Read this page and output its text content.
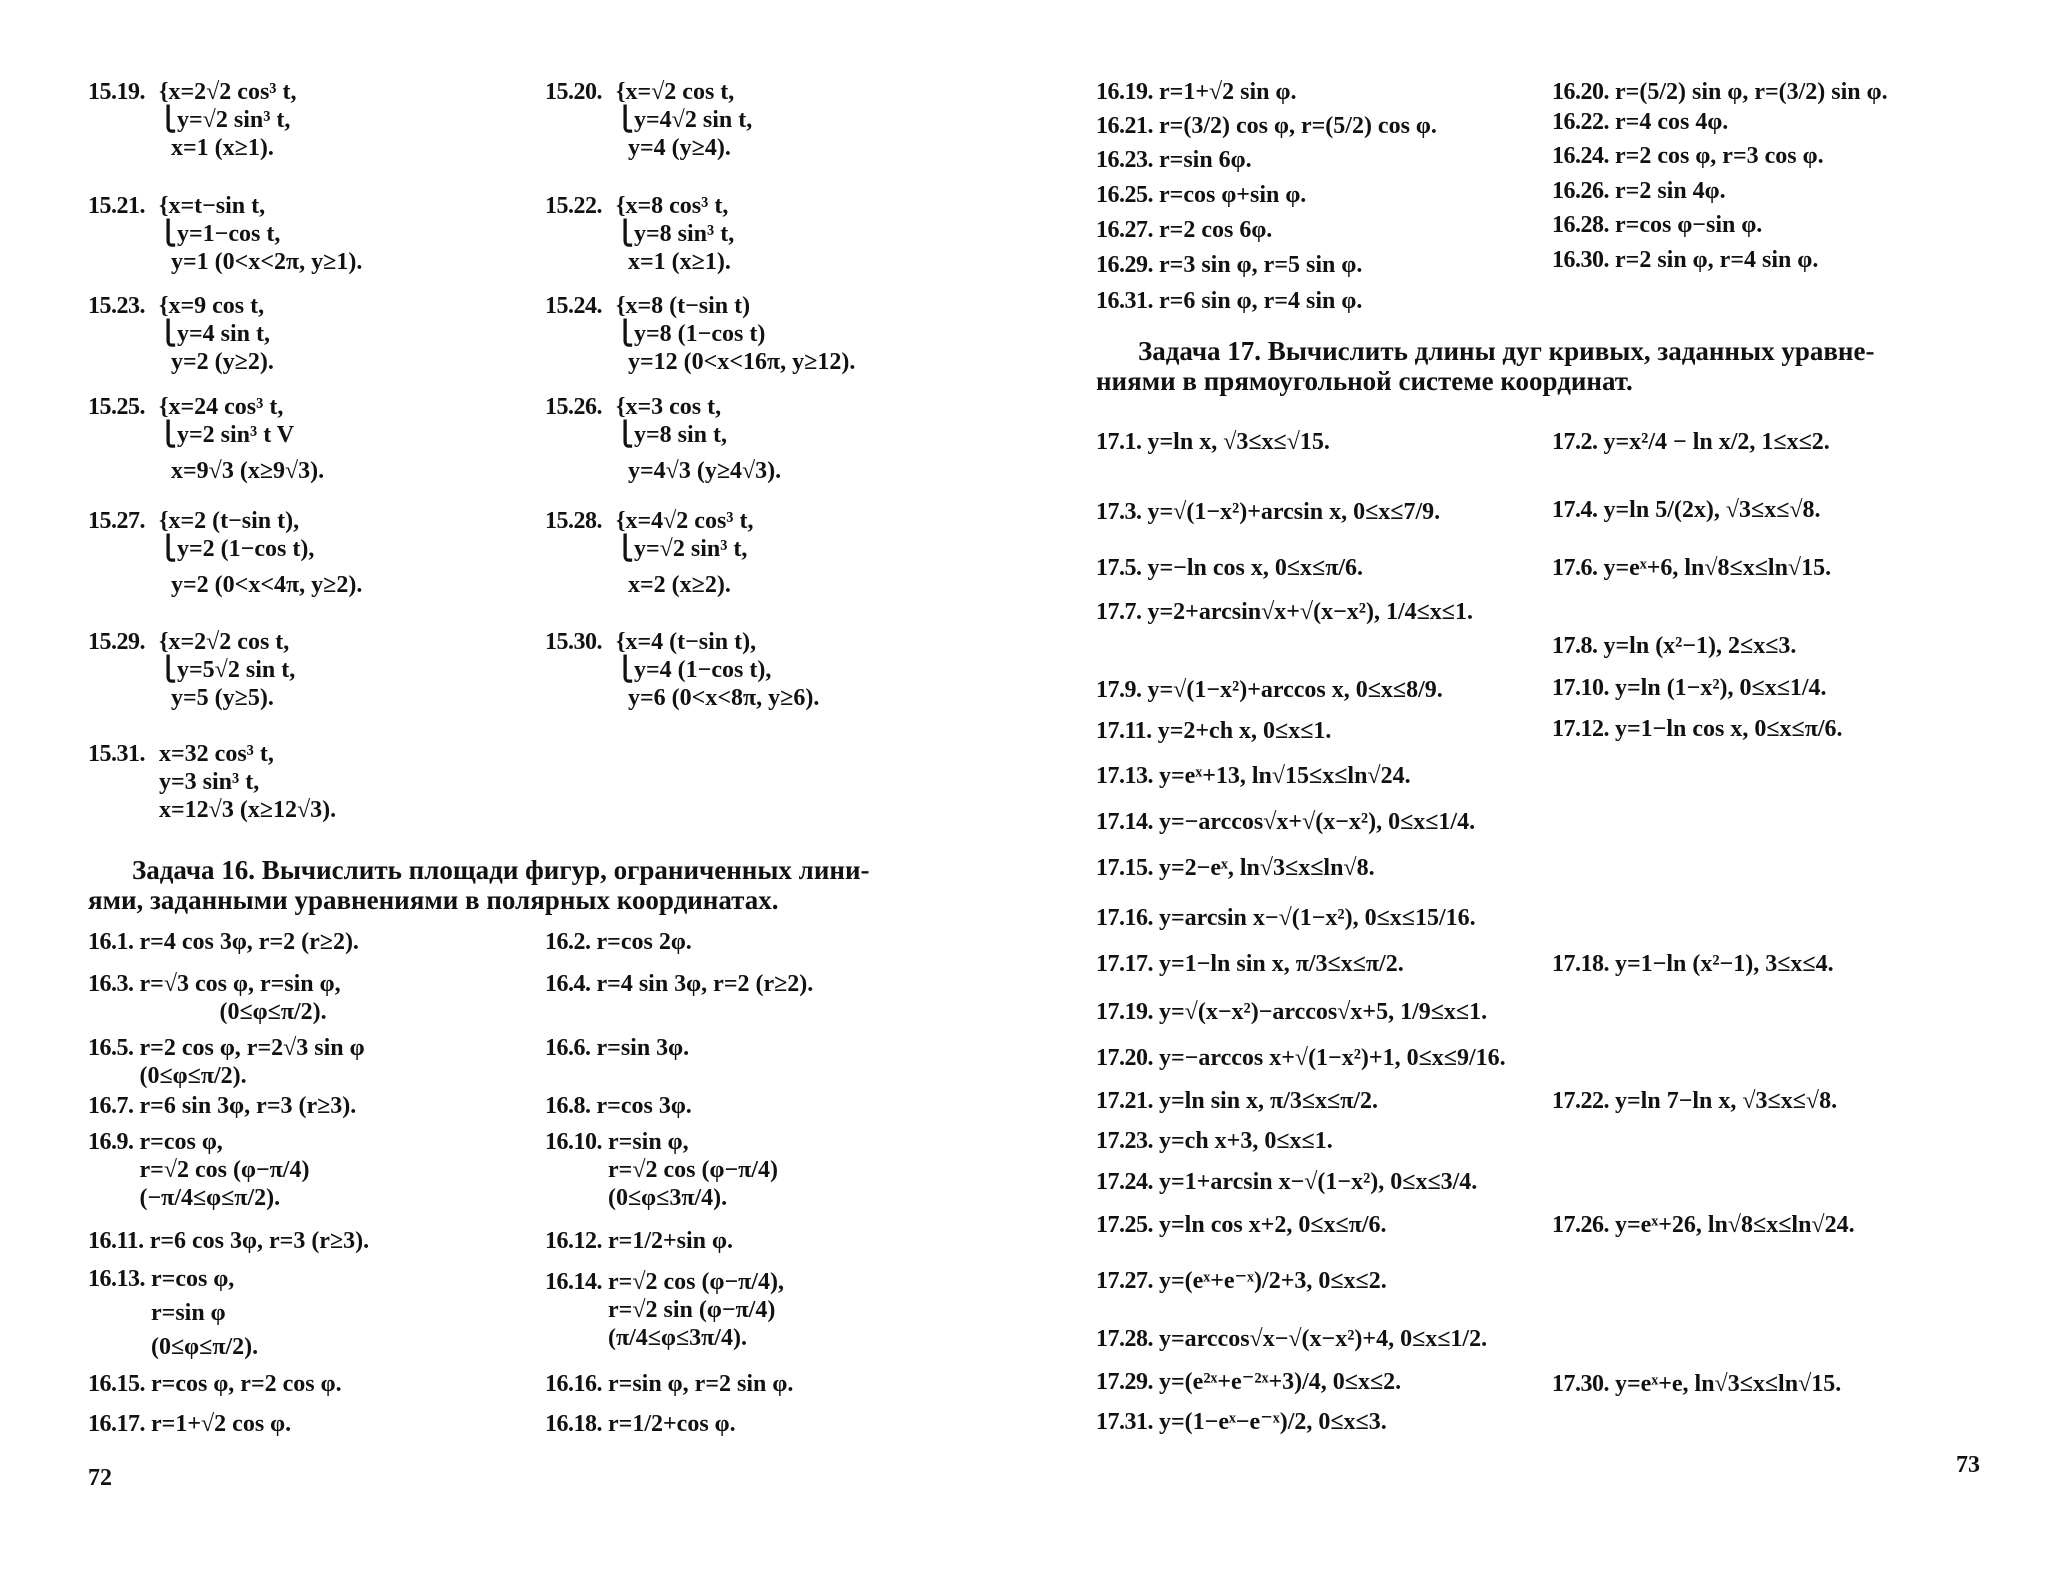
15.19. {x=2√2 cos³ t,
⎩y=√2 sin³ t,
x=1 (x≥1).
15.20. {x=√2 cos t,
⎩y=4√2 sin t,
y=4 (y≥4).
15.21. {x=t−sin t,
⎩y=1−cos t,
y=1 (0<x<2π, y≥1).
15.22. {x=8 cos³ t,
⎩y=8 sin³ t,
x=1 (x≥1).
15.23. {x=9 cos t,
⎩y=4 sin t,
y=2 (y≥2).
15.24. {x=8 (t−sin t)
⎩y=8 (1−cos t)
y=12 (0<x<16π, y≥12).
15.25. {x=24 cos³ t,
⎩y=2 sin³ t V
x=9√3 (x≥9√3).
15.26. {x=3 cos t,
⎩y=8 sin t,
y=4√3 (y≥4√3).
15.27. {x=2 (t−sin t),
⎩y=2 (1−cos t),
y=2 (0<x<4π, y≥2).
15.28. {x=4√2 cos³ t,
⎩y=√2 sin³ t,
x=2 (x≥2).
15.29. {x=2√2 cos t,
⎩y=5√2 sin t,
y=5 (y≥5).
15.30. {x=4 (t−sin t),
⎩y=4 (1−cos t),
y=6 (0<x<8π, y≥6).
15.31. x=32 cos³ t,
y=3 sin³ t,
x=12√3 (x≥12√3).
Задача 16. Вычислить площади фигур, ограниченных лини-
ями, заданными уравнениями в полярных координатах.
16.1. r=4 cos 3φ, r=2 (r≥2).	16.2. r=cos 2φ.
16.3. r=√3 cos φ, r=sin φ,
(0≤φ≤π/2).
16.4. r=4 sin 3φ, r=2 (r≥2).
16.5. r=2 cos φ, r=2√3 sin φ
(0≤φ≤π/2).
16.6. r=sin 3φ.
16.7. r=6 sin 3φ, r=3 (r≥3).	16.8. r=cos 3φ.
16.9. r=cos φ,
r=√2 cos (φ−π/4)
(−π/4≤φ≤π/2).
16.10. r=sin φ,
r=√2 cos (φ−π/4)
(0≤φ≤3π/4).
16.11. r=6 cos 3φ, r=3 (r≥3).	16.12. r=1/2+sin φ.
16.13. r=cos φ,
r=sin φ
(0≤φ≤π/2).
16.14. r=√2 cos (φ−π/4),
r=√2 sin (φ−π/4)
(π/4≤φ≤3π/4).
16.15. r=cos φ, r=2 cos φ.	16.16. r=sin φ, r=2 sin φ.
16.17. r=1+√2 cos φ.	16.18. r=1/2+cos φ.
72
16.19. r=1+√2 sin φ.	16.20. r=(5/2) sin φ, r=(3/2) sin φ.
16.21. r=(3/2) cos φ, r=(5/2) cos φ.	16.22. r=4 cos 4φ.
16.23. r=sin 6φ.	16.24. r=2 cos φ, r=3 cos φ.
16.25. r=cos φ+sin φ.	16.26. r=2 sin 4φ.
16.27. r=2 cos 6φ.	16.28. r=cos φ−sin φ.
16.29. r=3 sin φ, r=5 sin φ.	16.30. r=2 sin φ, r=4 sin φ.
16.31. r=6 sin φ, r=4 sin φ.
Задача 17. Вычислить длины дуг кривых, заданных уравне-
ниями в прямоугольной системе координат.
17.1. y=ln x, √3≤x≤√15.	17.2. y=x²/4 − ln x/2, 1≤x≤2.
17.3. y=√(1−x²)+arcsin x, 0≤x≤7/9.	17.4. y=ln 5/(2x), √3≤x≤√8.
17.5. y=−ln cos x, 0≤x≤π/6.	17.6. y=eˣ+6, ln√8≤x≤ln√15.
17.7. y=2+arcsin√x+√(x−x²), 1/4≤x≤1.
17.8. y=ln (x²−1), 2≤x≤3.
17.9. y=√(1−x²)+arccos x, 0≤x≤8/9.	17.10. y=ln (1−x²), 0≤x≤1/4.
17.11. y=2+ch x, 0≤x≤1.	17.12. y=1−ln cos x, 0≤x≤π/6.
17.13. y=eˣ+13, ln√15≤x≤ln√24.
17.14. y=−arccos√x+√(x−x²), 0≤x≤1/4.
17.15. y=2−eˣ, ln√3≤x≤ln√8.
17.16. y=arcsin x−√(1−x²), 0≤x≤15/16.
17.17. y=1−ln sin x, π/3≤x≤π/2.	17.18. y=1−ln (x²−1), 3≤x≤4.
17.19. y=√(x−x²)−arccos√x+5, 1/9≤x≤1.
17.20. y=−arccos x+√(1−x²)+1, 0≤x≤9/16.
17.21. y=ln sin x, π/3≤x≤π/2.	17.22. y=ln 7−ln x, √3≤x≤√8.
17.23. y=ch x+3, 0≤x≤1.
17.24. y=1+arcsin x−√(1−x²), 0≤x≤3/4.
17.25. y=ln cos x+2, 0≤x≤π/6.	17.26. y=eˣ+26, ln√8≤x≤ln√24.
17.27. y=(eˣ+e⁻ˣ)/2+3, 0≤x≤2.
17.28. y=arccos√x−√(x−x²)+4, 0≤x≤1/2.
17.29. y=(e²ˣ+e⁻²ˣ+3)/4, 0≤x≤2.	17.30. y=eˣ+e, ln√3≤x≤ln√15.
17.31. y=(1−eˣ−e⁻ˣ)/2, 0≤x≤3.
73
